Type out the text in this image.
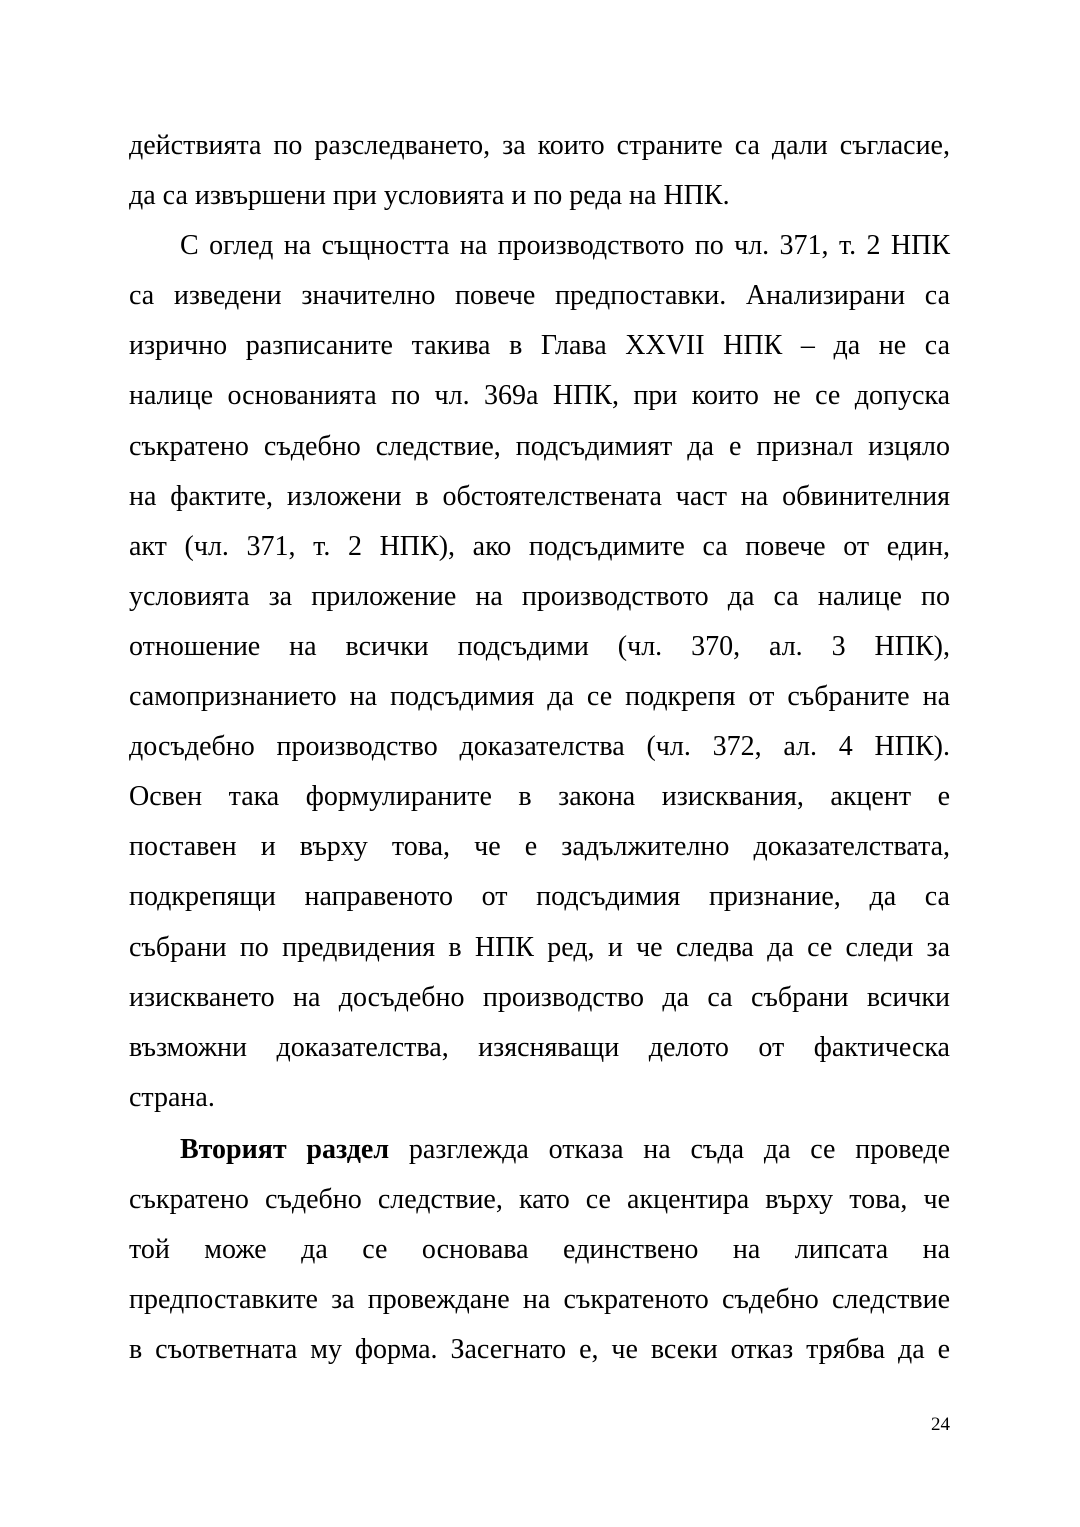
действията по разследването, за които страните са дали съгласие,
да са извършени при условията и по реда на НПК.
С оглед на същността на производството по чл. 371, т. 2 НПК
са изведени значително повече предпоставки. Анализирани са
изрично разписаните такива в Глава XXVII НПК – да не са
налице основанията по чл. 369а НПК, при които не се допуска
съкратено съдебно следствие, подсъдимият да е признал изцяло
на фактите, изложени в обстоятелствената част на обвинителния
акт (чл. 371, т. 2 НПК), ако подсъдимите са повече от един,
условията за приложение на производството да са налице по
отношение на всички подсъдими (чл. 370, ал. 3 НПК),
самопризнанието на подсъдимия да се подкрепя от събраните на
досъдебно производство доказателства (чл. 372, ал. 4 НПК).
Освен така формулираните в закона изисквания, акцент е
поставен и върху това, че е задължително доказателствата,
подкрепящи направеното от подсъдимия признание, да са
събрани по предвидения в НПК ред, и че следва да се следи за
изискването на досъдебно производство да са събрани всички
възможни доказателства, изясняващи делото от фактическа
страна.
Вторият раздел разглежда отказа на съда да се проведе
съкратено съдебно следствие, като се акцентира върху това, че
той може да се основава единствено на липсата на
предпоставките за провеждане на съкратеното съдебно следствие
в съответната му форма. Засегнато е, че всеки отказ трябва да е
24
